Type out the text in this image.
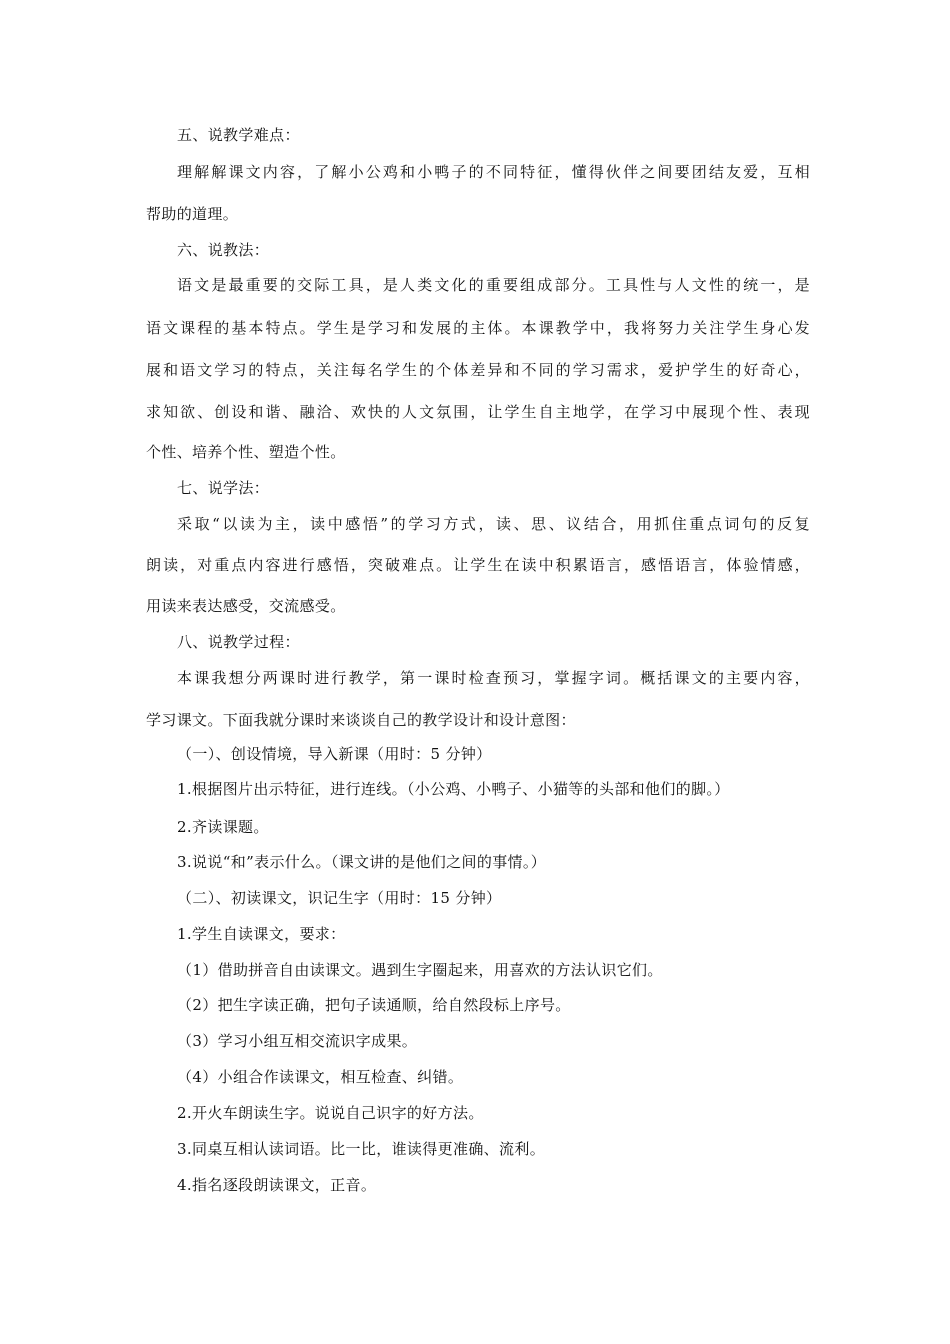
五、说教学难点：
理解解课文内容，了解小公鸡和小鸭子的不同特征，懂得伙伴之间要团结友爱，互相
帮助的道理。
六、说教法：
语文是最重要的交际工具，是人类文化的重要组成部分。工具性与人文性的统一，是
语文课程的基本特点。学生是学习和发展的主体。本课教学中，我将努力关注学生身心发
展和语文学习的特点，关注每名学生的个体差异和不同的学习需求，爱护学生的好奇心，
求知欲、创设和谐、融洽、欢快的人文氛围，让学生自主地学，在学习中展现个性、表现
个性、培养个性、塑造个性。
七、说学法：
采取“以读为主，读中感悟”的学习方式，读、思、议结合，用抓住重点词句的反复
朗读，对重点内容进行感悟，突破难点。让学生在读中积累语言，感悟语言，体验情感，
用读来表达感受，交流感受。
八、说教学过程：
本课我想分两课时进行教学，第一课时检查预习，掌握字词。概括课文的主要内容，
学习课文。下面我就分课时来谈谈自己的教学设计和设计意图：
（一）、创设情境，导入新课（用时：5 分钟）
1.根据图片出示特征，进行连线。（小公鸡、小鸭子、小猫等的头部和他们的脚。）
2.齐读课题。
3.说说“和”表示什么。（课文讲的是他们之间的事情。）
（二）、初读课文，识记生字（用时：15 分钟）
1.学生自读课文，要求：
（1）借助拼音自由读课文。遇到生字圈起来，用喜欢的方法认识它们。
（2）把生字读正确，把句子读通顺，给自然段标上序号。
（3）学习小组互相交流识字成果。
（4）小组合作读课文，相互检查、纠错。
2.开火车朗读生字。说说自己识字的好方法。
3.同桌互相认读词语。比一比，谁读得更准确、流利。
4.指名逐段朗读课文，正音。
